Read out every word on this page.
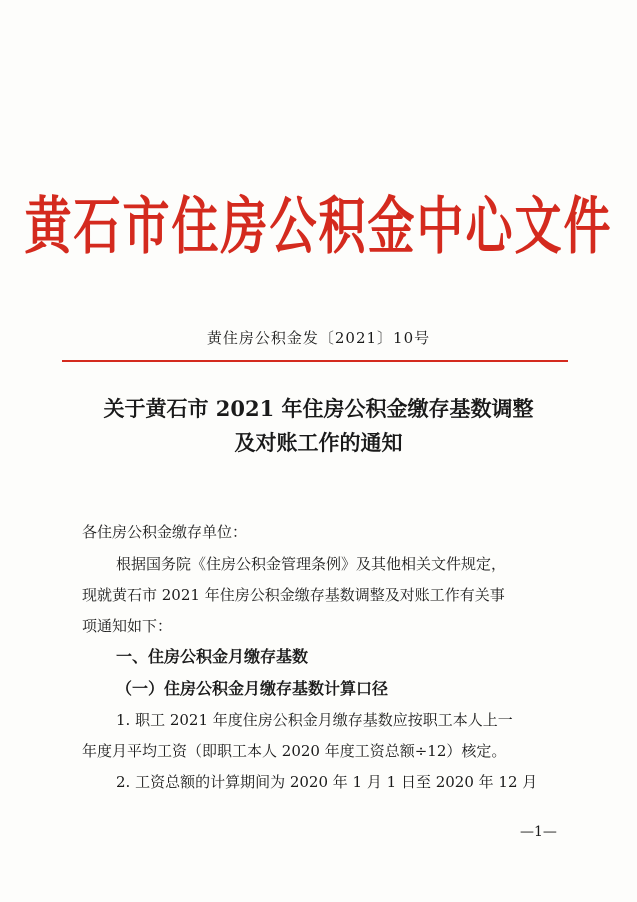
黄石市住房公积金中心文件
黄住房公积金发〔2021〕10号
关于黄石市 2021 年住房公积金缴存基数调整
及对账工作的通知
各住房公积金缴存单位：
根据国务院《住房公积金管理条例》及其他相关文件规定，
现就黄石市 2021 年住房公积金缴存基数调整及对账工作有关事
项通知如下：
一、住房公积金月缴存基数
（一）住房公积金月缴存基数计算口径
1. 职工 2021 年度住房公积金月缴存基数应按职工本人上一
年度月平均工资（即职工本人 2020 年度工资总额÷12）核定。
2. 工资总额的计算期间为 2020 年 1 月 1 日至 2020 年 12 月
—1—
